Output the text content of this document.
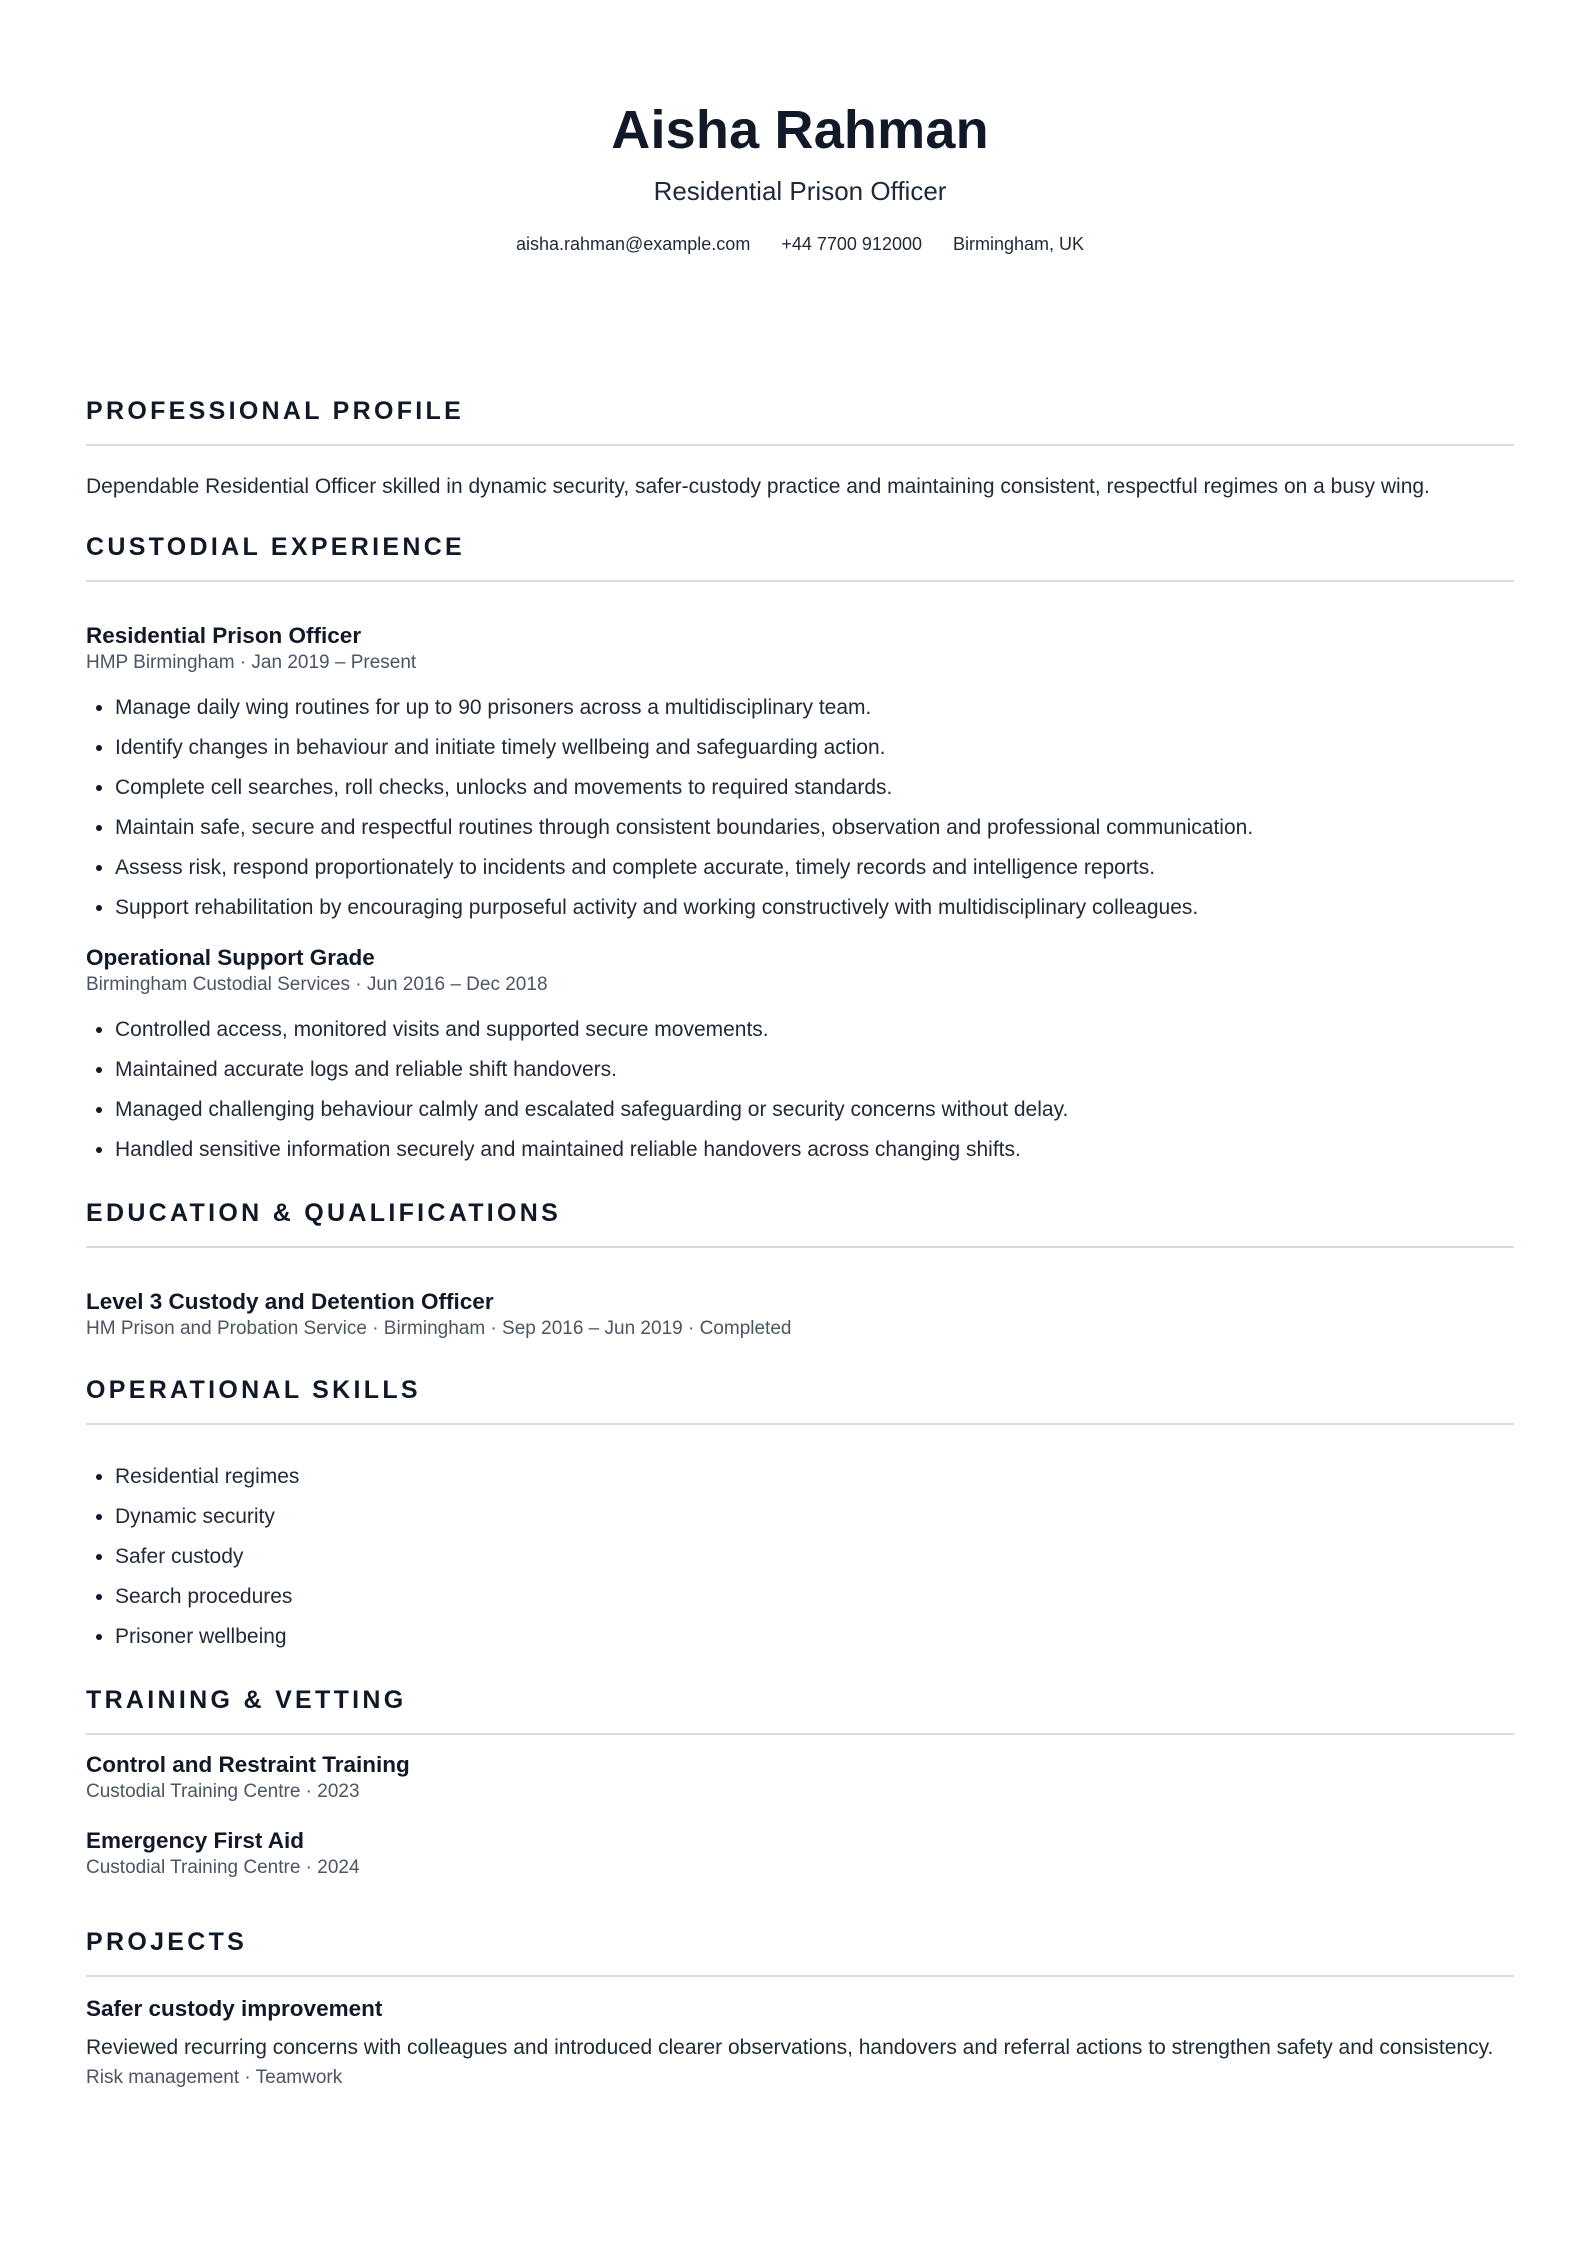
Aisha Rahman
Residential Prison Officer
aisha.rahman@example.com +44 7700 912000 Birmingham, UK
PROFESSIONAL PROFILE
Dependable Residential Officer skilled in dynamic security, safer-custody practice and maintaining consistent, respectful regimes on a busy wing.
CUSTODIAL EXPERIENCE
Residential Prison Officer
HMP Birmingham · Jan 2019 – Present
• Manage daily wing routines for up to 90 prisoners across a multidisciplinary team.
• Identify changes in behaviour and initiate timely wellbeing and safeguarding action.
• Complete cell searches, roll checks, unlocks and movements to required standards.
• Maintain safe, secure and respectful routines through consistent boundaries, observation and professional communication.
• Assess risk, respond proportionately to incidents and complete accurate, timely records and intelligence reports.
• Support rehabilitation by encouraging purposeful activity and working constructively with multidisciplinary colleagues.
Operational Support Grade
Birmingham Custodial Services · Jun 2016 – Dec 2018
• Controlled access, monitored visits and supported secure movements.
• Maintained accurate logs and reliable shift handovers.
• Managed challenging behaviour calmly and escalated safeguarding or security concerns without delay.
• Handled sensitive information securely and maintained reliable handovers across changing shifts.
EDUCATION & QUALIFICATIONS
Level 3 Custody and Detention Officer
HM Prison and Probation Service · Birmingham · Sep 2016 – Jun 2019 · Completed
OPERATIONAL SKILLS
• Residential regimes
• Dynamic security
• Safer custody
• Search procedures
• Prisoner wellbeing
TRAINING & VETTING
Control and Restraint Training
Custodial Training Centre · 2023
Emergency First Aid
Custodial Training Centre · 2024
PROJECTS
Safer custody improvement
Reviewed recurring concerns with colleagues and introduced clearer observations, handovers and referral actions to strengthen safety and consistency.
Risk management · Teamwork
